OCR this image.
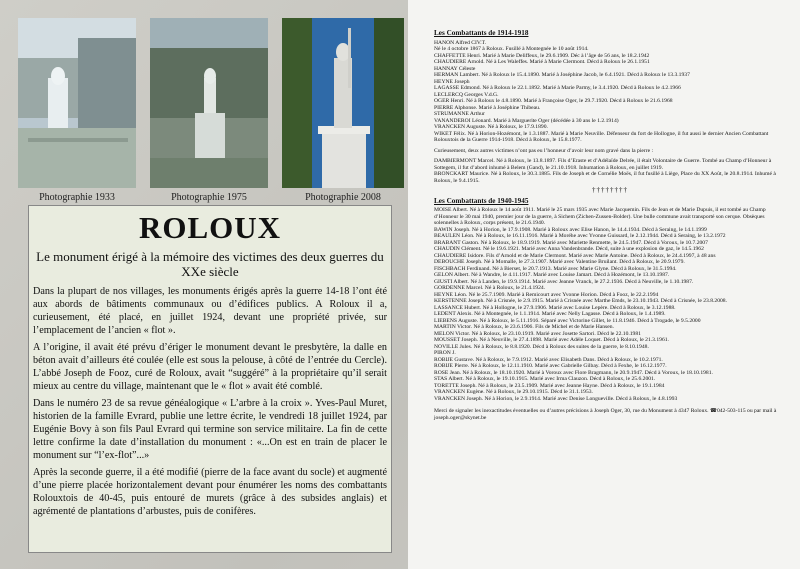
Photographie 1933	Photographie 1975	Photographie 2008
ROLOUX
Le monument érigé à la mémoire des victimes des deux guerres du XXe siècle

Dans la plupart de nos villages, les monuments érigés après la guerre 14-18 l’ont été aux abords de bâtiments communaux ou d’édifices publics. A Roloux il a, curieusement, été placé, en juillet 1924, devant une propriété privée, sur l’emplacement de l’ancien « flot ».

A l’origine, il avait été prévu d’ériger le monument devant le presbytère, la dalle en béton avait d’ailleurs été coulée (elle est sous la pelouse, à côté de l’entrée du Cercle). L’abbé Joseph de Fooz, curé de Roloux, avait “suggéré” à la propriétaire qu’il serait mieux au centre du village, maintenant que le « flot » avait été comblé.

Dans le numéro 23 de sa revue généalogique « L’arbre à la croix ». Yves-Paul Muret, historien de la famille Evrard, publie une lettre écrite, le vendredi 18 juillet 1924, par Eugénie Bovy à son fils Paul Evrard qui termine son service militaire. La fin de cette lettre confirme la date d’installation du monument : «...On est en train de placer le monument sur “l’ex-flot”...»

Après la seconde guerre, il a été modifié (pierre de la face avant du socle) et augmenté d’une pierre placée horizontalement devant pour énumérer les noms des combattants Rolouxtois de 40-45, puis entouré de murets (grâce à des subsides anglais) et agrémenté de plantations d’arbustes, puis de conifères.

Les Combattants de 1914-1918

HANON Alfred CIV.T.

Né le 4 octobre 1867 à Roloux. Fusillé à Montegnée le 10 août 1914.

CHAFFETTE Henri. Marié à Marie Deliffeux, le 29.6.1909. Déc à l’âge de 56 ans, le 18.2.1942

CHAUDIERE Arnold. Né à Les Waleffes. Marié à Marie Clermont. Décd à Roloux le 26.1.1951

HANNAY Céleste

HERMAN Lambert. Né à Roloux le 15.4.1890. Marié à Joséphine Jacob, le 6.4.1921. Décd à Roloux le 13.3.1937

HEYNE Joseph

LAGASSE Edmond. Né à Roloux le 22.1.1892. Marié à Marie Parmy, le 3.4.1920. Décd à Roloux le 4.2.1966

LECLERCQ Georges V.d.G.

OGER Henri. Né à Roloux le 4.8.1890. Marié à Françoise Oger, le 29.7.1920. Décd à Roloux le 21.6.1968

PIERRE Alphonse. Marié à Joséphine Thibeau.

STRUMANNE Arthur

VANANDEROI Léonard. Marié à Marguerite Oger (décédée à 30 ans le 1.2.1914)

VRANCKEN Auguste. Né à Roloux, le 17.9.1890.

WIKET Félix. Né à Horion-Hozémont, le 1.3.1887. Marié à Marie Neuville. Défenseur du fort de Hollogne, il fut aussi le dernier Ancien Combattant Rolouxtois de la Guerre 1914-1918. Décd à Roloux, le 15.8.1977.

Curieusement, deux autres victimes n’ont pas eu l’honneur d’avoir leur nom gravé dans la pierre :

DAMBIERMONT Marcel. Né à Roloux, le 13.8.1897. Fils d’Eraste et d’Adélaïde Delrée, il était Volontaire de Guerre. Tombé au Champ d’Honneur à Sottegem, il fut d’abord inhumé à Belem (Gand), le 21.10.1918. Inhumation à Roloux, en juillet 1919.

BRONCKART Maurice. Né à Roloux, le 30.3.1885. Fils de Joseph et de Cornélie Moës, il fut fusillé à Liège, Place du XX Août, le 20.8.1914. Inhumé à Roloux, le 9.4.1915.

††††††††
Les Combattants de 1940-1945

MOISE Albert. Né à Roloux le 14 août 1911. Marié le 25 mars 1935 avec Marie Jacquemin. Fils de Jean et de Marie Dupuis, il est tombé au Champ d’Honneur le 30 mai 1940, premier jour de la guerre, à Sichem (Zichen-Zussen-Bolder). Une bulle commune avait transporté son cerque. Obsèques solennelles à Roloux, corps présent, le 21.6.1940.

BAWIN Joseph. Né à Horion, le 17.9.1908. Marié à Roloux avec Elise Hanon, le 14.4.1934. Décd à Seraing, le 14.1.1999

BEAULEN Léon. Né à Roloux, le 16.11.1916. Marié à Moréhe avec Yvonne Guissard, le 2.12.1944. Décd à Seraing, le 13.2.1972

BRABANT Gaston. Né à Roloux, le 18.9.1919. Marié avec Mariette Renmette, le 24.5.1947. Décd à Voroux, le 10.7.2007

CHAUDIN Clément. Né le 19.6.1921. Marié avec Anna Vandenbrande. Décd, suite à une explosion de gaz, le 14.5.1962

CHAUDIERE Isidore. Fils d’Arnold et de Marie Clermont. Marié avec Marie Antoine. Décd à Roloux, le 24.4.1997, à 48 ans

DEBOUCHE Joseph. Né à Momalle, le 27.3.1907. Marié avec Valentine Bruilant. Décd à Roloux, le 20.9.1979.

FISCHBACH Ferdinand. Né à Bierset, le 20.7.1913. Marié avec Marie Glyne. Décd à Roloux, le 31.5.1994.

GELON Albert. Né à Wandre, le 4.11.1917. Marié avec Louise Jamart. Décd à Hozémont, le 13.10.1987.

GIUSTI Albert. Né à Landen, le 19.9.1914. Marié avec Jeanne Vranck, le 27.2.1936. Décd à Neuville, le 1.10.1987.

GORDENNE Marcel. Né à Roloux, le 21.4.1924.

HEYNE Léon. Né le 25.7.1909. Marié à Remicourt avec Yvonne Horion. Décd à Fooz, le 22.2.1994

KERSTENNE Joseph. Né à Crisnée, le 2.9.1915. Marié à Crisnée avec Marthe Emds, le 23.10.1943. Décd à Crisnée, le 23.8.2008.

LASSANCE Hubert. Né à Hollogne, le 27.9.1906. Marié avec Louise Lepère. Décd à Roloux, le 3.12.1988.

LEDENT Alexis. Né à Montegnée, le 1.1.1914. Marié avec Nelly Lagasse. Décd à Roloux, le 1.4.1989.

LIEBENS Auguste. Né à Roloux, le 5.11.1916. Séparé avec Victorine Gillet, le 11.8.1946. Décd à Trogade, le 9.5.2000

MARTIN Victor. Né à Roloux, le 23.6.1906. Fils de Michel et de Marie Hansen.

MELON Victor. Né à Roloux, le 23.10.1919. Marié avec Josette Sartori. Décd le 22.10.1981

MOUSSET Joseph. Né à Neuville, le 27.4.1898. Marié avec Adèle Loquet. Décd à Roloux, le 21.3.1961.

NOVILLE Jules. Né à Roloux, le 8.8.1920. Décd à Roloux des suites de la guerre, le 8.10.1948.

PIRON J.

ROBIJE Gustave. Né à Roloux, le 7.9.1912. Marié avec Elisabeth Dans. Décd à Roloux, le 10.2.1971.

ROBIJE Pierre. Né à Roloux, le 12.11.1910. Marié avec Gabrielle Gilbay. Décd à Fexhe, le 16.12.1977.

ROSE Jean. Né à Roloux, le 18.10.1920. Marié à Voroux avec Flore Bragmann, le 20.9.1947. Décd à Voroux, le 18.10.1981.

STAS Albert. Né à Roloux, le 19.10.1915. Marié avec Irma Clauzon. Décd à Roloux, le 25.6.2001.

TORETTE Joseph. Né à Roloux, le 23.5.1909. Marié avec Jeanne Hayne. Décd à Roloux, le 19.1.1984

VRANCKEN Eugène. Né à Roloux, le 29.10.1915. Décd le 31.1.1953.

VRANCKEN Joseph. Né à Horion, le 2.9.1914. Marié avec Denise Longueville. Décd à Roloux, le 4.8.1993

Merci de signaler les inexactitudes éventuelles ou d’autres précisions à Joseph Oger, 30, rue du Monument à 4347 Roloux. ☎042-503-115 ou par mail à joseph.oger@skynet.be
